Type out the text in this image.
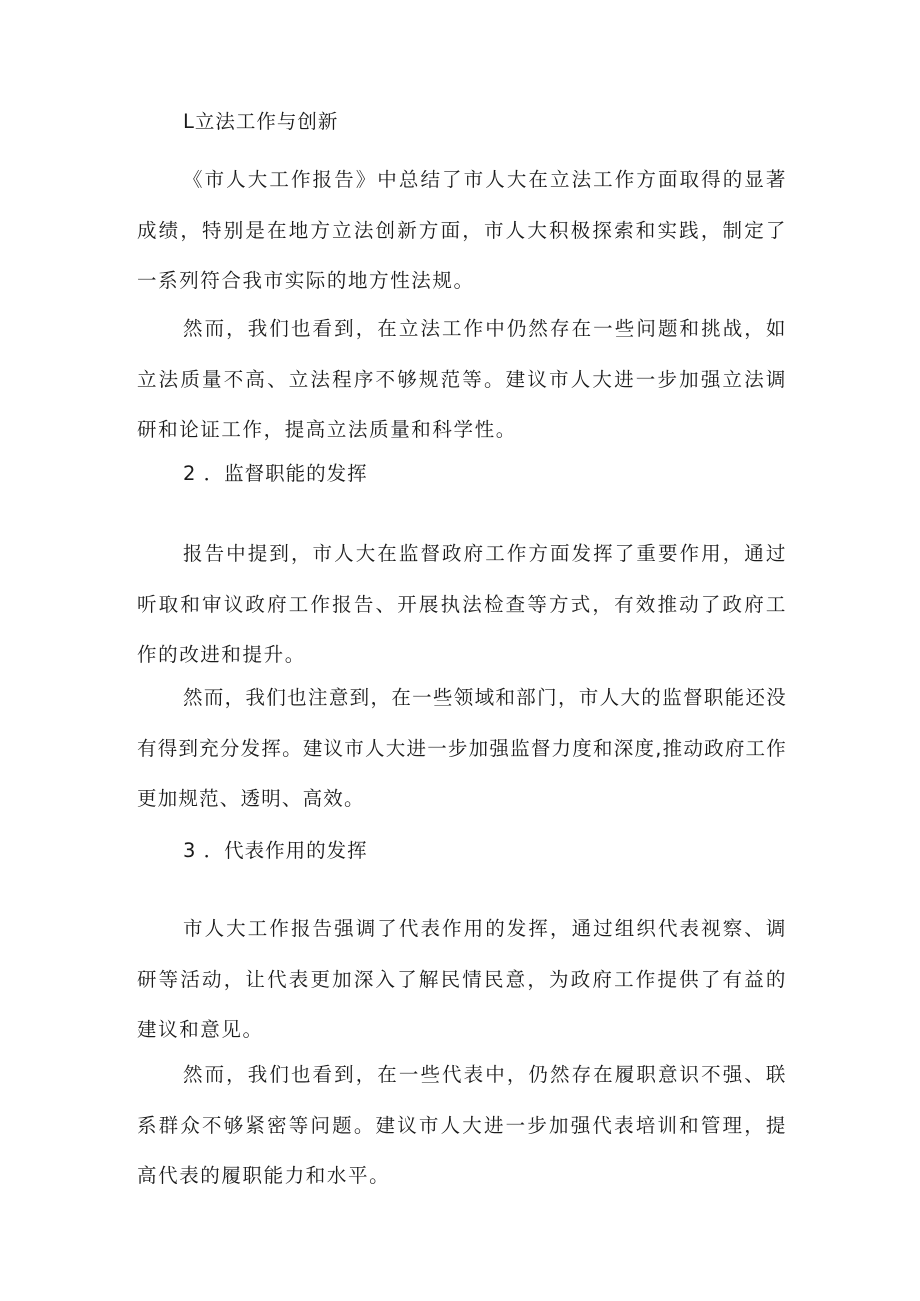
L立法工作与创新

《市人大工作报告》中总结了市人大在立法工作方面取得的显著成绩，特别是在地方立法创新方面，市人大积极探索和实践，制定了一系列符合我市实际的地方性法规。

然而，我们也看到，在立法工作中仍然存在一些问题和挑战，如立法质量不高、立法程序不够规范等。建议市人大进一步加强立法调研和论证工作，提高立法质量和科学性。

2 ．监督职能的发挥

报告中提到，市人大在监督政府工作方面发挥了重要作用，通过听取和审议政府工作报告、开展执法检查等方式，有效推动了政府工作的改进和提升。

然而，我们也注意到，在一些领域和部门，市人大的监督职能还没有得到充分发挥。建议市人大进一步加强监督力度和深度,推动政府工作更加规范、透明、高效。

3 ．代表作用的发挥

市人大工作报告强调了代表作用的发挥，通过组织代表视察、调研等活动，让代表更加深入了解民情民意，为政府工作提供了有益的建议和意见。

然而，我们也看到，在一些代表中，仍然存在履职意识不强、联系群众不够紧密等问题。建议市人大进一步加强代表培训和管理，提高代表的履职能力和水平。
